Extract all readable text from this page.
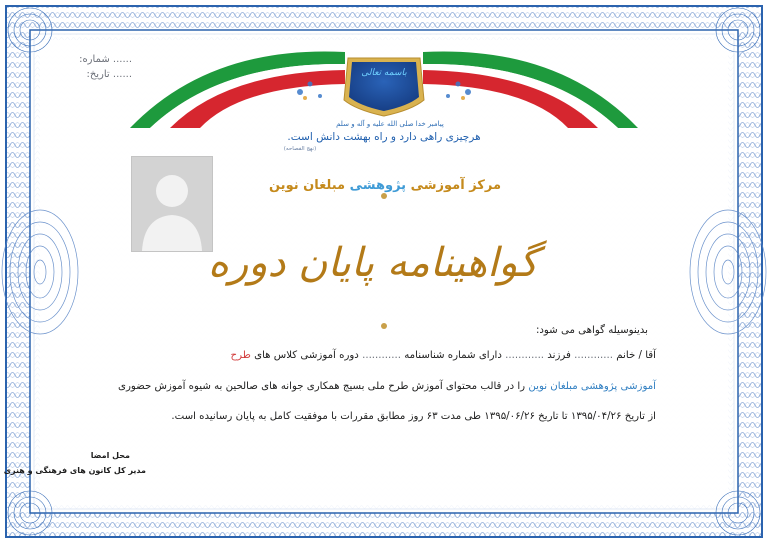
☬	☬
...... شماره:
...... تاریخ:	باسمه تعالی
پیامبر خدا صلی الله علیه و آله و سلم
هرچیزی راهی دارد و راه بهشت دانش است.
(نهج الفصاحه)
مرکز آموزشی پژوهشی مبلغان نوین
گواهینامه پایان دوره
بدینوسیله گواهی می شود:
آقا / خانم ............ فرزند ............ دارای شماره شناسنامه ............ دوره آموزشی کلاس های طرح
آموزشی پژوهشی مبلغان نوین را در قالب محتوای آموزش طرح ملی بسیج همکاری جوانه های صالحین به شیوه آموزش حضوری
از تاریخ ۱۳۹۵/۰۴/۲۶ تا تاریخ ۱۳۹۵/۰۶/۲۶ طی مدت ۶۳ روز مطابق مقررات با موفقیت کامل به پایان رسانیده است.
محل امضا
مدیر کل کانون های فرهنگی و هنری
